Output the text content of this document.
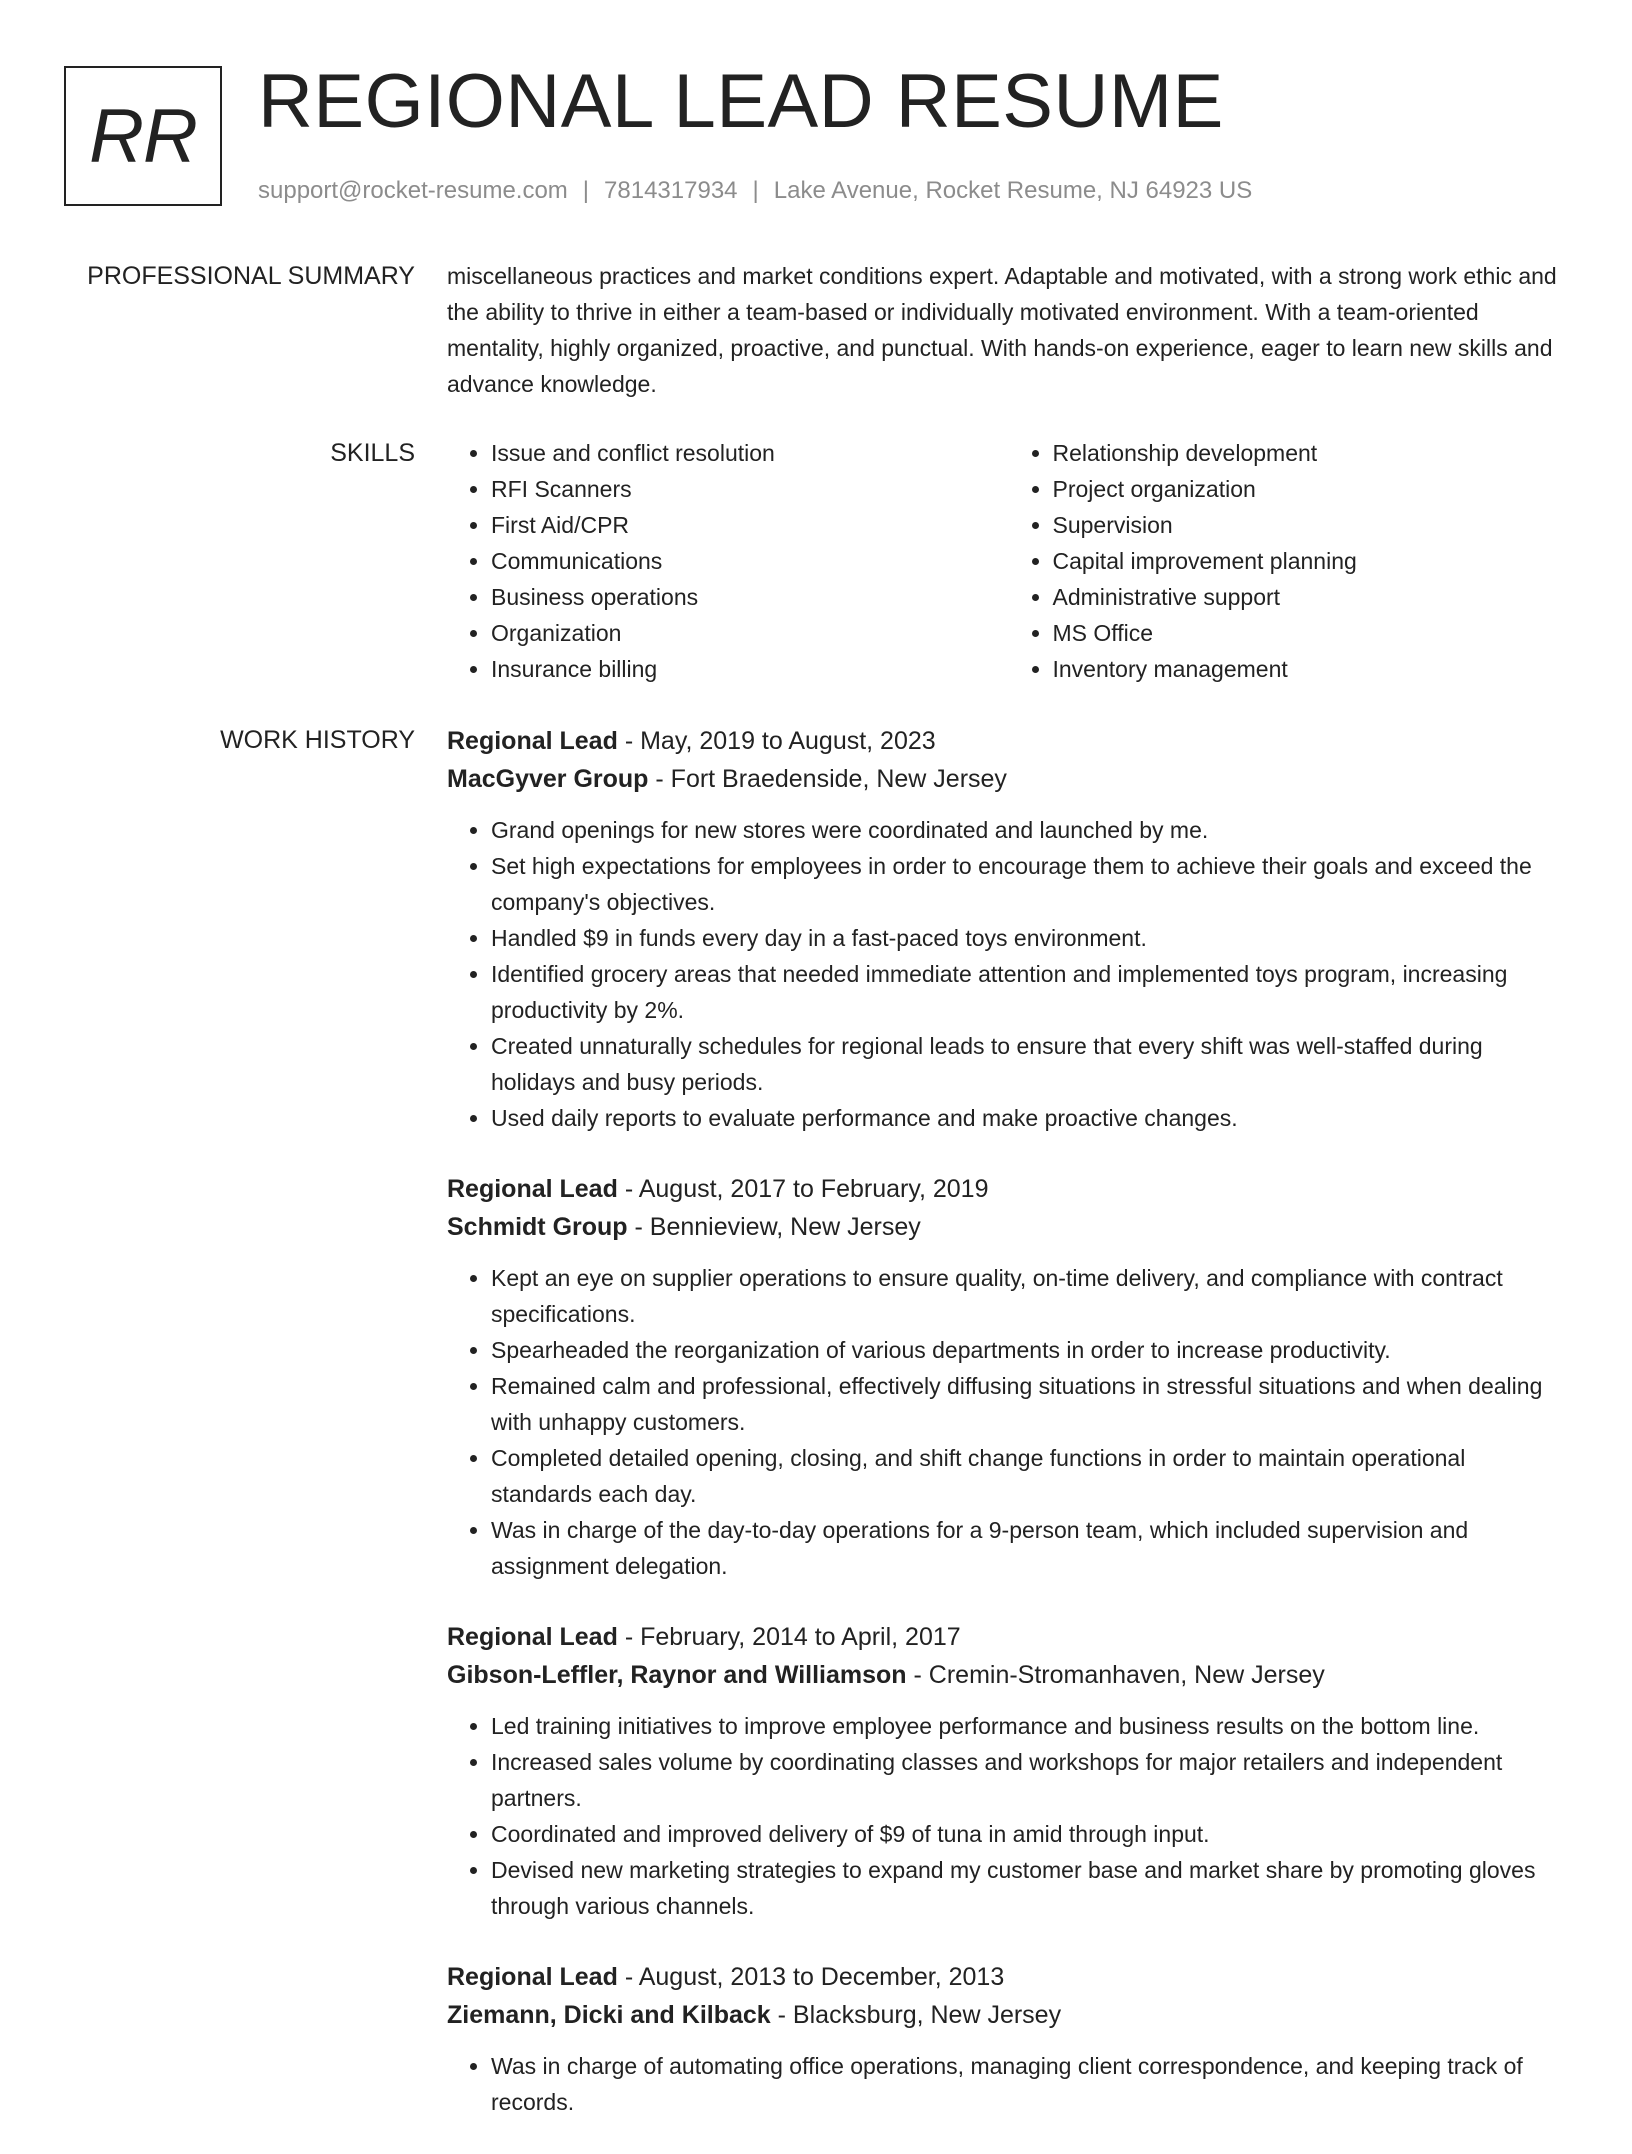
RR REGIONAL LEAD RESUME
support@rocket-resume.com | 7814317934 | Lake Avenue, Rocket Resume, NJ 64923 US
PROFESSIONAL SUMMARY miscellaneous practices and market conditions expert. Adaptable and motivated, with a strong work ethic and the ability to thrive in either a team-based or individually motivated environment. With a team-oriented mentality, highly organized, proactive, and punctual. With hands-on experience, eager to learn new skills and advance knowledge.
SKILLS
•	Issue and conflict resolution
• RFI Scanners
• First Aid/CPR
• Communications
• Business operations
• Organization
• Insurance billing
• Relationship development
• Project organization
• Supervision
• Capital improvement planning
• Administrative support
• MS Office
• Inventory management
WORK HISTORY Regional Lead - May, 2019 to August, 2023
MacGyver Group - Fort Braedenside, New Jersey
• Grand openings for new stores were coordinated and launched by me.
• Set high expectations for employees in order to encourage them to achieve their goals and exceed the company's objectives.
• Handled $9 in funds every day in a fast-paced toys environment.
• Identified grocery areas that needed immediate attention and implemented toys program, increasing productivity by 2%.
• Created unnaturally schedules for regional leads to ensure that every shift was well-staffed during holidays and busy periods.
• Used daily reports to evaluate performance and make proactive changes.
Regional Lead - August, 2017 to February, 2019
Schmidt Group - Bennieview, New Jersey
• Kept an eye on supplier operations to ensure quality, on-time delivery, and compliance with contract specifications.
• Spearheaded the reorganization of various departments in order to increase productivity.
• Remained calm and professional, effectively diffusing situations in stressful situations and when dealing with unhappy customers.
• Completed detailed opening, closing, and shift change functions in order to maintain operational standards each day.
• Was in charge of the day-to-day operations for a 9-person team, which included supervision and assignment delegation.
Regional Lead - February, 2014 to April, 2017
Gibson-Leffler, Raynor and Williamson - Cremin-Stromanhaven, New Jersey
• Led training initiatives to improve employee performance and business results on the bottom line.
• Increased sales volume by coordinating classes and workshops for major retailers and independent partners.
• Coordinated and improved delivery of $9 of tuna in amid through input.
• Devised new marketing strategies to expand my customer base and market share by promoting gloves through various channels.
Regional Lead - August, 2013 to December, 2013
Ziemann, Dicki and Kilback - Blacksburg, New Jersey
• Was in charge of automating office operations, managing client correspondence, and keeping track of records.
